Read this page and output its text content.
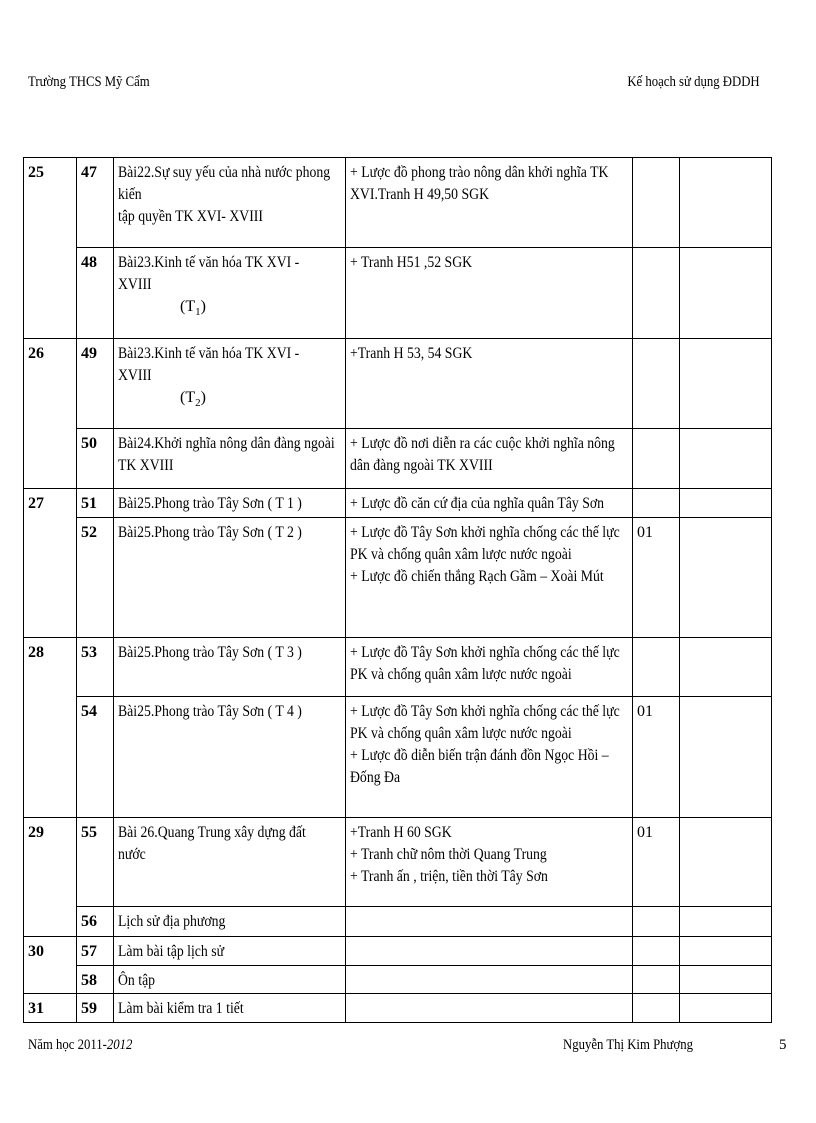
Trường THCS Mỹ Cẩm	Kế hoạch sử dụng ĐDDH
25	47	Bài22.Sự suy yếu của nhà nước phong
kiến
tập quyền TK XVI- XVIII	+ Lược đồ phong trào nông dân khởi nghĩa TK
XVI.Tranh H 49,50 SGK		

	48	Bài23.Kinh tế văn hóa TK XVI -
XVIII
$(T_1)$	+ Tranh H51 ,52 SGK		

26	49	Bài23.Kinh tế văn hóa TK XVI -
XVIII
$(T_2)$	+Tranh H 53, 54 SGK		

	50	Bài24.Khởi nghĩa nông dân đàng ngoài
TK XVIII	+ Lược đồ nơi diễn ra các cuộc khởi nghĩa nông
dân đàng ngoài TK XVIII		

27	51	Bài25.Phong trào Tây Sơn ( T 1 )	+ Lược đồ căn cứ địa của nghĩa quân Tây Sơn		

	52	Bài25.Phong trào Tây Sơn ( T 2 )	+ Lược đồ Tây Sơn khởi nghĩa chống các thế lực
PK và chống quân xâm lược nước ngoài
+ Lược đồ chiến thắng Rạch Gầm – Xoài Mút	01	
28	53	Bài25.Phong trào Tây Sơn ( T 3 )	+ Lược đồ Tây Sơn khởi nghĩa chống các thế lực
PK và chống quân xâm lược nước ngoài		

	54	Bài25.Phong trào Tây Sơn ( T 4 )	+ Lược đồ Tây Sơn khởi nghĩa chống các thế lực
PK và chống quân xâm lược nước ngoài
+ Lược đồ diễn biến trận đánh đồn Ngọc Hồi –
Đống Đa	01	
29	55	Bài 26.Quang Trung xây dựng đất
nước	+Tranh H 60 SGK
+ Tranh chữ nôm thời Quang Trung
+ Tranh ấn , triện, tiền thời Tây Sơn	01	
	56	Lịch sử địa phương			

30	57	Làm bài tập lịch sử			

	58	Ôn tập			

31	59	Làm bài kiểm tra 1 tiết			

Năm học 2011-2012	Nguyễn Thị Kim Phượng	5
